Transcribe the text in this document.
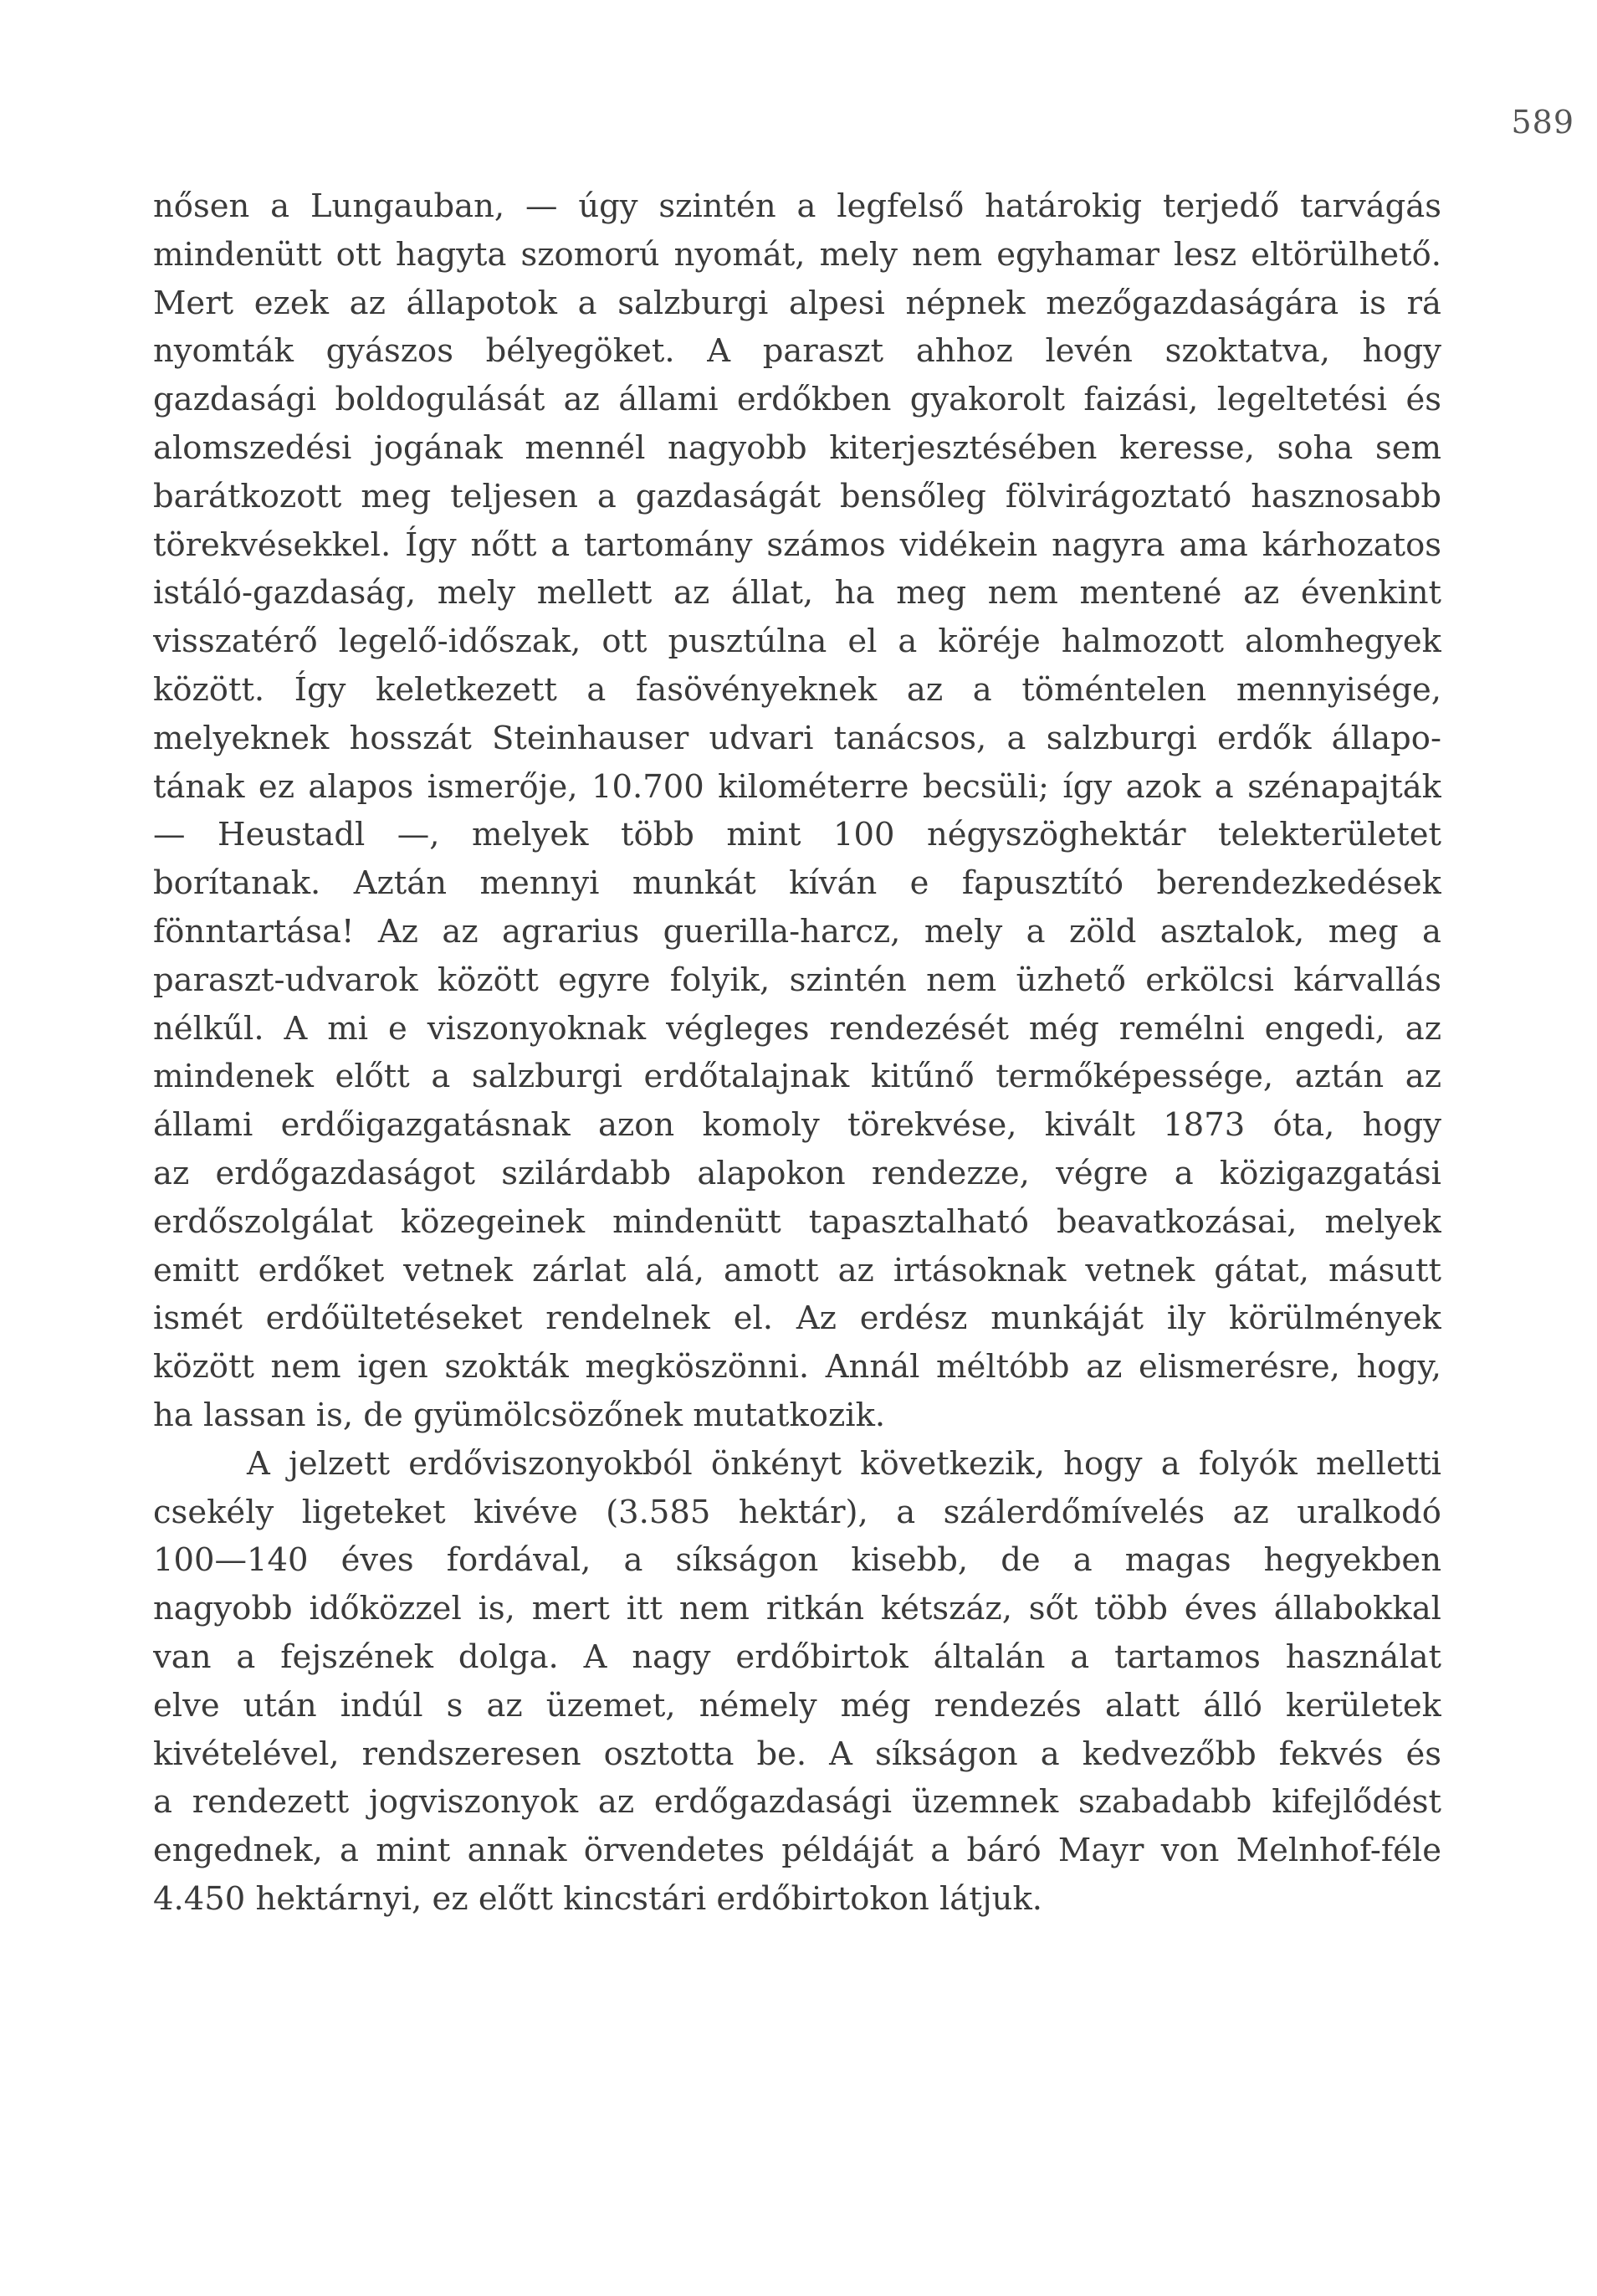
589
nősen a Lungauban, — úgy szintén a legfelső határokig terjedő tarvágás
mindenütt ott hagyta szomorú nyomát, mely nem egyhamar lesz eltörülhető.
Mert ezek az állapotok a salzburgi alpesi népnek mezőgazdaságára is rá
nyomták gyászos bélyegöket. A paraszt ahhoz levén szoktatva, hogy
gazdasági boldogulását az állami erdőkben gyakorolt faizási, legeltetési és
alomszedési jogának mennél nagyobb kiterjesztésében keresse, soha sem
barátkozott meg teljesen a gazdaságát bensőleg fölvirágoztató hasznosabb
törekvésekkel. Így nőtt a tartomány számos vidékein nagyra ama kárhozatos
istáló-gazdaság, mely mellett az állat, ha meg nem mentené az évenkint
visszatérő legelő-időszak, ott pusztúlna el a köréje halmozott alomhegyek
között. Így keletkezett a fasövényeknek az a töméntelen mennyisége,
melyeknek hosszát Steinhauser udvari tanácsos, a salzburgi erdők állapo-
tának ez alapos ismerője, 10.700 kilométerre becsüli; így azok a szénapajták
— Heustadl —, melyek több mint 100 négyszöghektár telekterületet
borítanak. Aztán mennyi munkát kíván e fapusztító berendezkedések
fönntartása! Az az agrarius guerilla-harcz, mely a zöld asztalok, meg a
paraszt-udvarok között egyre folyik, szintén nem üzhető erkölcsi kárvallás
nélkűl. A mi e viszonyoknak végleges rendezését még remélni engedi, az
mindenek előtt a salzburgi erdőtalajnak kitűnő termőképessége, aztán az
állami erdőigazgatásnak azon komoly törekvése, kivált 1873 óta, hogy
az erdőgazdaságot szilárdabb alapokon rendezze, végre a közigazgatási
erdőszolgálat közegeinek mindenütt tapasztalható beavatkozásai, melyek
emitt erdőket vetnek zárlat alá, amott az irtásoknak vetnek gátat, másutt
ismét erdőültetéseket rendelnek el. Az erdész munkáját ily körülmények
között nem igen szokták megköszönni. Annál méltóbb az elismerésre, hogy,
ha lassan is, de gyümölcsözőnek mutatkozik.
A jelzett erdőviszonyokból önkényt következik, hogy a folyók melletti
csekély ligeteket kivéve (3.585 hektár), a szálerdőmívelés az uralkodó
100—140 éves fordával, a síkságon kisebb, de a magas hegyekben
nagyobb időközzel is, mert itt nem ritkán kétszáz, sőt több éves állabokkal
van a fejszének dolga. A nagy erdőbirtok általán a tartamos használat
elve után indúl s az üzemet, némely még rendezés alatt álló kerületek
kivételével, rendszeresen osztotta be. A síkságon a kedvezőbb fekvés és
a rendezett jogviszonyok az erdőgazdasági üzemnek szabadabb kifejlődést
engednek, a mint annak örvendetes példáját a báró Mayr von Melnhof-féle
4.450 hektárnyi, ez előtt kincstári erdőbirtokon látjuk.
